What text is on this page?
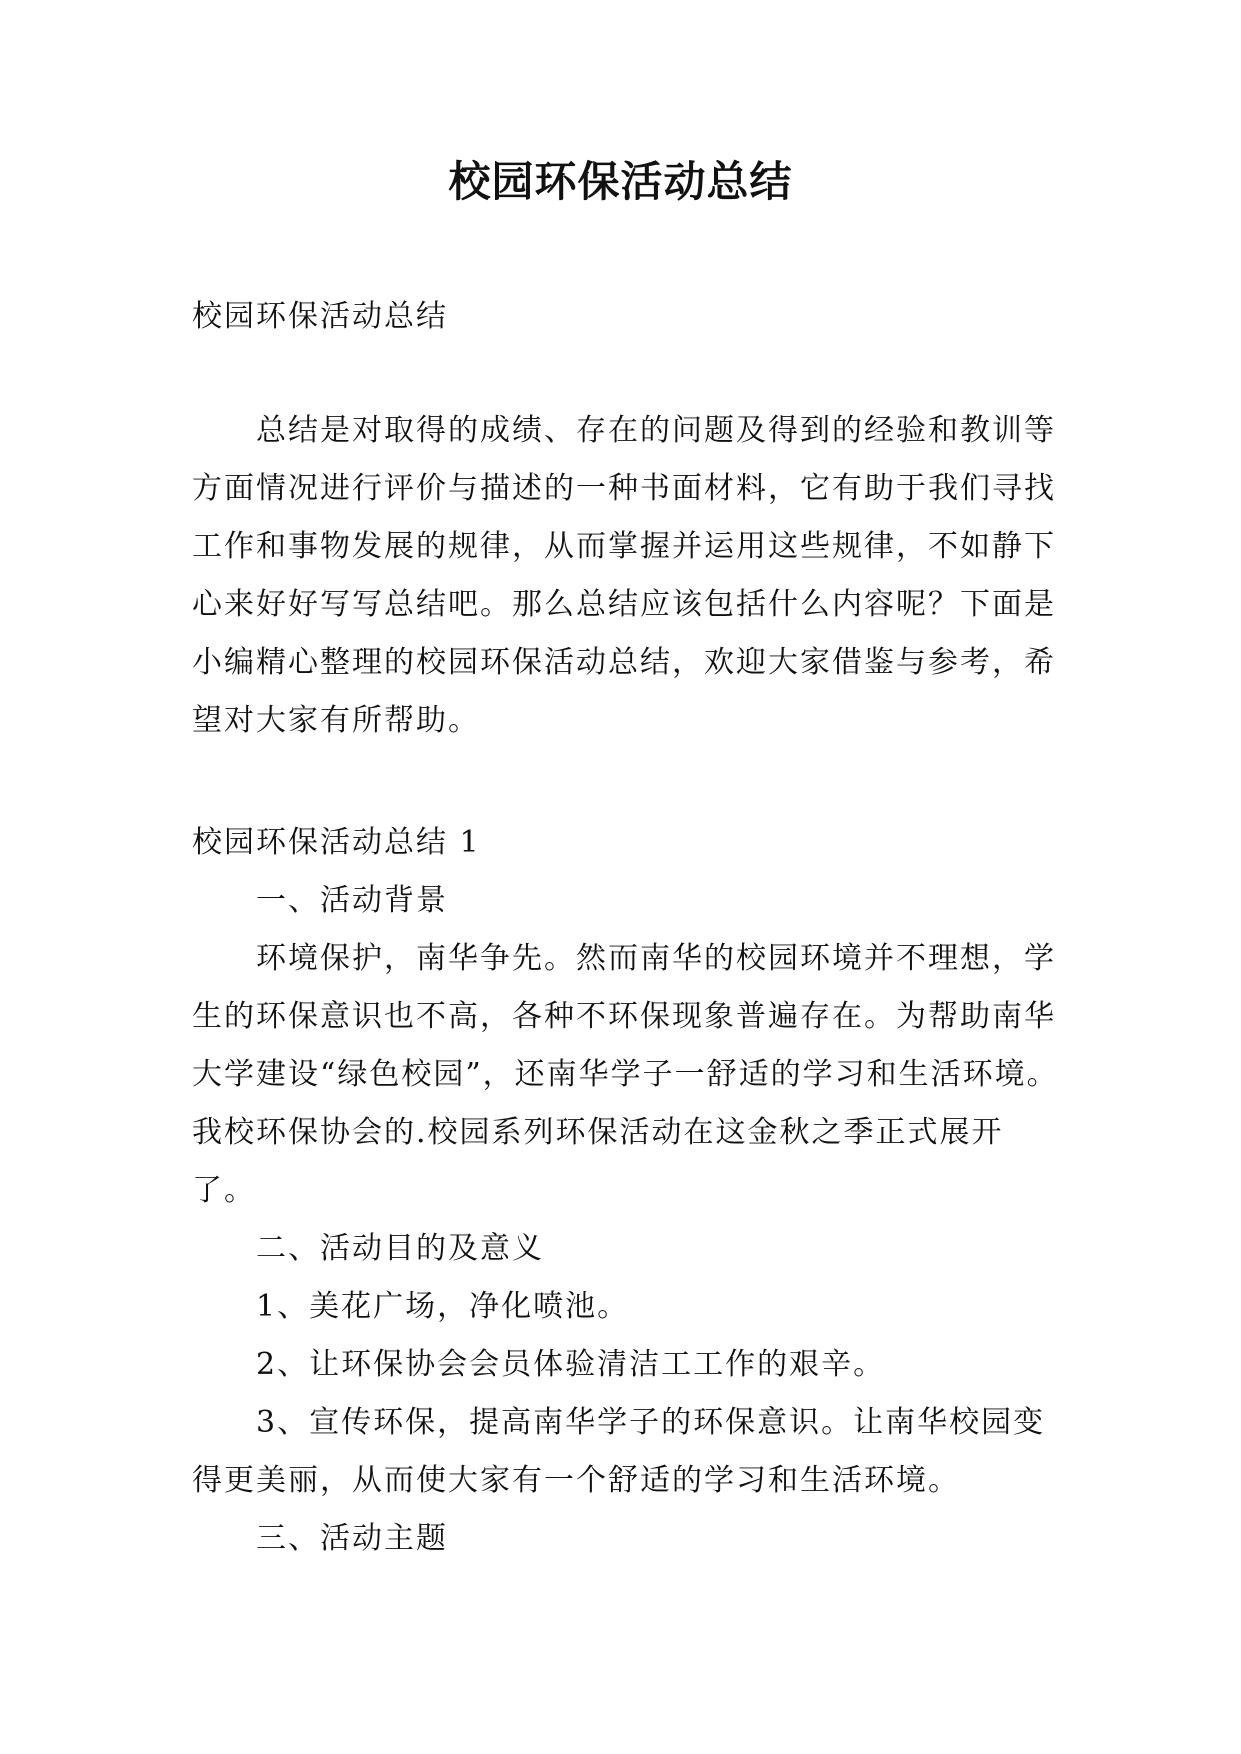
校园环保活动总结

校园环保活动总结

总结是对取得的成绩、存在的问题及得到的经验和教训等方面情况进行评价与描述的一种书面材料，它有助于我们寻找工作和事物发展的规律，从而掌握并运用这些规律，不如静下心来好好写写总结吧。那么总结应该包括什么内容呢？下面是小编精心整理的校园环保活动总结，欢迎大家借鉴与参考，希望对大家有所帮助。

校园环保活动总结 1

一、活动背景

环境保护，南华争先。然而南华的校园环境并不理想，学生的环保意识也不高，各种不环保现象普遍存在。为帮助南华大学建设“绿色校园”，还南华学子一舒适的学习和生活环境。我校环保协会的.校园系列环保活动在这金秋之季正式展开了。

二、活动目的及意义

1、美花广场，净化喷池。

2、让环保协会会员体验清洁工工作的艰辛。

3、宣传环保，提高南华学子的环保意识。让南华校园变得更美丽，从而使大家有一个舒适的学习和生活环境。

三、活动主题
